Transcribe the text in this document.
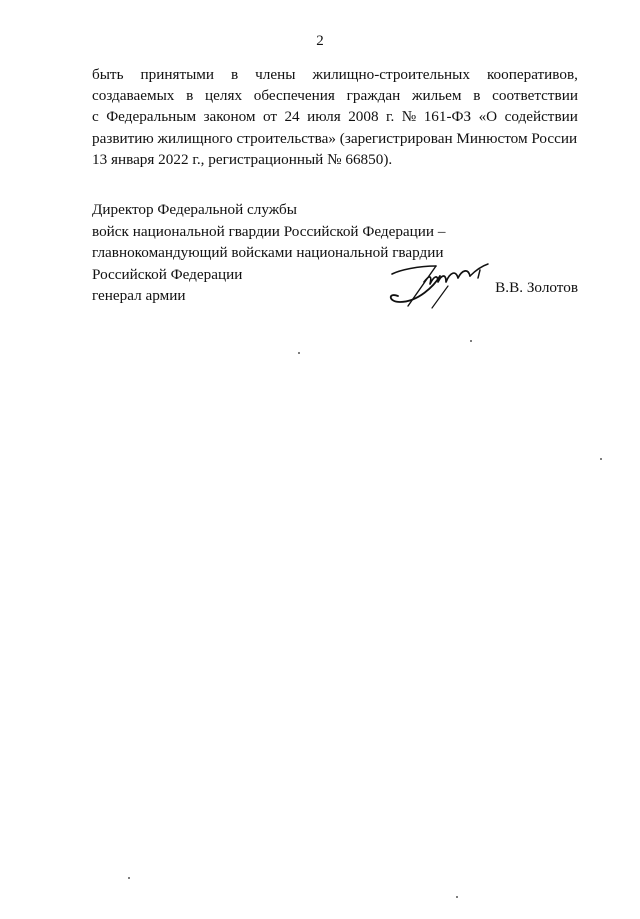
2
быть принятыми в члены жилищно-строительных кооперативов,
создаваемых в целях обеспечения граждан жильем в соответствии
с Федеральным законом от 24 июля 2008 г. № 161-ФЗ «О содействии
развитию жилищного строительства» (зарегистрирован Минюстом России
13 января 2022 г., регистрационный № 66850).
Директор Федеральной службы
войск национальной гвардии Российской Федерации –
главнокомандующий войсками национальной гвардии
Российской Федерации
генерал армии	В.В. Золотов
